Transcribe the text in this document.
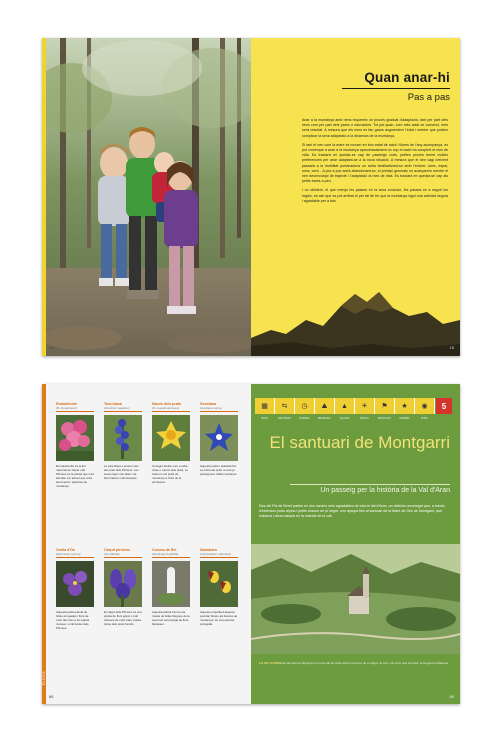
14
Quan anar-hi
Pas a pas

Anar a la muntanya amb nens requereix un procés gradual d'adaptació, tant per part dels nens com per part dels pares o educadors. Tot pot quan, com més aviat se comenci, més serà resultat. A mesura que els nens es fan grans augmentem l'edat i mentre que podem complicar la seva adaptació a la dinàmica de la muntanya.

Si tant el nen com la mare es mouen en bon estat de salut i lliures de l'any acompanya, es pot començar a anar a la muntanya aproximadament un cop el nadó ha complert el mes de vida. Es tractarà en quedar-se cap de passeigs curts, petites proves tenint moltes preferencies per anar adaptant-se a la nova situació. A mesura que el nen vagi creixent passarà a la mobilitat portanadons on anirà familiaritzant-se amb l'entorn: olors, espai, sons, vent... A poc a poc anirà abandonant-se, el principi generals no avançarem mentre el nen desenvolupi de trajecte i l'adaptació al mes de vida. Es tractarà en quedar-se cap als petits trams a peu.

I no oblidem, el que menys les passes en la seva evolució, fes passes es a seguir les regles, es així que es pot arribar-hi per tal de fer que la muntanya sigui una activitat segura i agradable per a tots.

15
FLORA
Rododendre
(R. ferrugineum)
El rododendre és la flor nacional de Nepal i als Pirineus és la planta que més abunda. Un arbust que creix als boscos i pastures de muntanya.
Tora blava
(Aconitum napellus)
La tora blava o aconit creix als prats dels Pirineus. Les seves tiges són altes i de flors blaves molt tòxiques.
Narcís dels prats
(N. pseudonarcissus)
Conegut també com a ceba d'ase o narcís dels prats, es troba en els prats de muntanya a l'inici de la primavera.
Genciana
(Gentiana verna)
Aquesta petita i delicada flor es troba als prats i terrenys pedregosos d'alta muntanya.
Orella d'Ós
(Ramonda myconi)
Aquesta petita planta de fulles arrugades i flors de color lila creix a les parets rocoses i ombrívoles dels Pirineus.
Calçot pirinenc
(Iris latifolia)
El calçot dels Pirineus és una planta de flors grans i molt vistoses de color blau violeta, típica dels prats humits.
Corona de Rei
(Saxifraga longifolia)
Aquesta planta forma una roseta de fulles llargues de la qual surt una espiga de flors blanques.
Sabatetes
(Cypripedium calceolus)
Aquesta orquídia d'aspecte peculiar floreix als boscos de muntanya i és una espècie protegida.
86
▦
RUTA
⇆
DISTÀNCIA
◷
DURADA
⛰
DESNIVELL
▲
ALÇADA
☀
ÈPOCA
⚑
DIFICULTAT
★
INTERÈS
◉
ZONA
5
El santuari de Montgarri
Un passeig per la història de la Val d'Aran
Des del Pla de Beret partim en dos camins més agradables de tota la Val d'Aran, un deliciós recorregut que, a través d'extensos prats alpins i petits boscos de pi negre, ens apropa fins al santuari de la Mare de Déu de Montgarri, que s'aixeca i dóna calúpia en la soledat de la vall.
LA VAL D'ARAN El santuari de Montgarri en una vall de prats alpins i boscos de pi negre. Al fons, els cims que envolten la Noguera Pallaresa.
89
